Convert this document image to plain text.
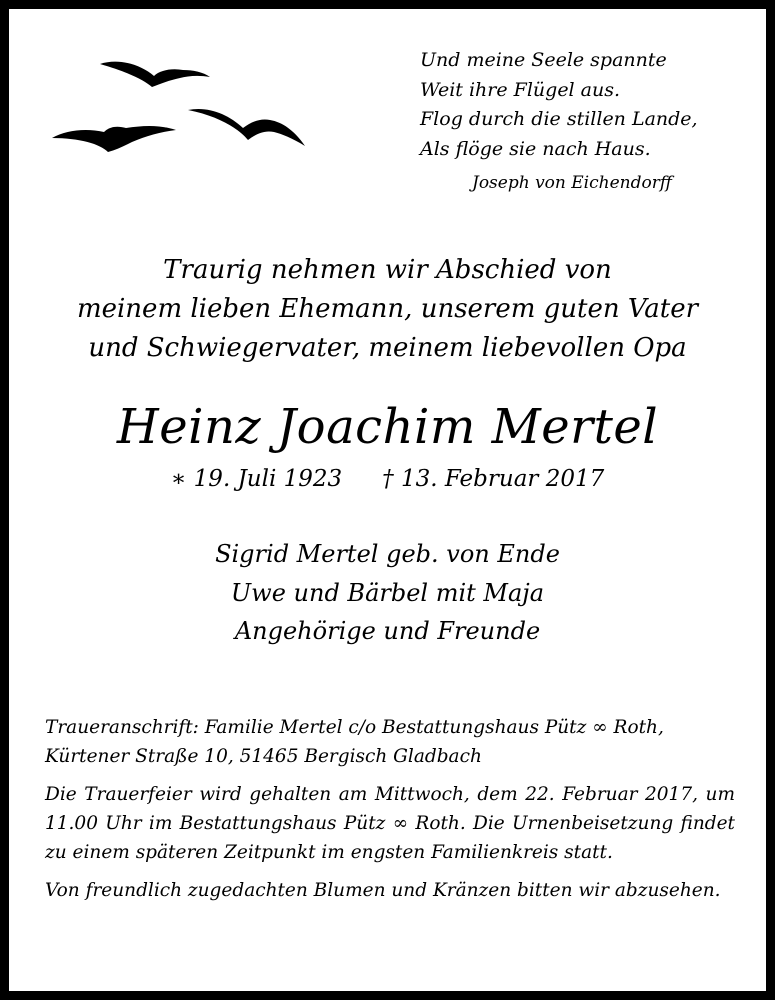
Und meine Seele spannte
Weit ihre Flügel aus.
Flog durch die stillen Lande,
Als flöge sie nach Haus.
Joseph von Eichendorff
Traurig nehmen wir Abschied von
meinem lieben Ehemann, unserem guten Vater
und Schwiegervater, meinem liebevollen Opa
Heinz Joachim Mertel
∗ 19. Juli 1923 † 13. Februar 2017
Sigrid Mertel geb. von Ende
Uwe und Bärbel mit Maja
Angehörige und Freunde

Traueranschrift: Familie Mertel c/o Bestattungshaus Pütz ∞ Roth,
Kürtener Straße 10, 51465 Bergisch Gladbach

Die Trauerfeier wird gehalten am Mittwoch, dem 22. Februar 2017, um 11.00 Uhr im Bestattungshaus Pütz ∞ Roth. Die Urnenbeisetzung findet zu einem späteren Zeitpunkt im engsten Familienkreis statt.

Von freundlich zugedachten Blumen und Kränzen bitten wir abzusehen.
